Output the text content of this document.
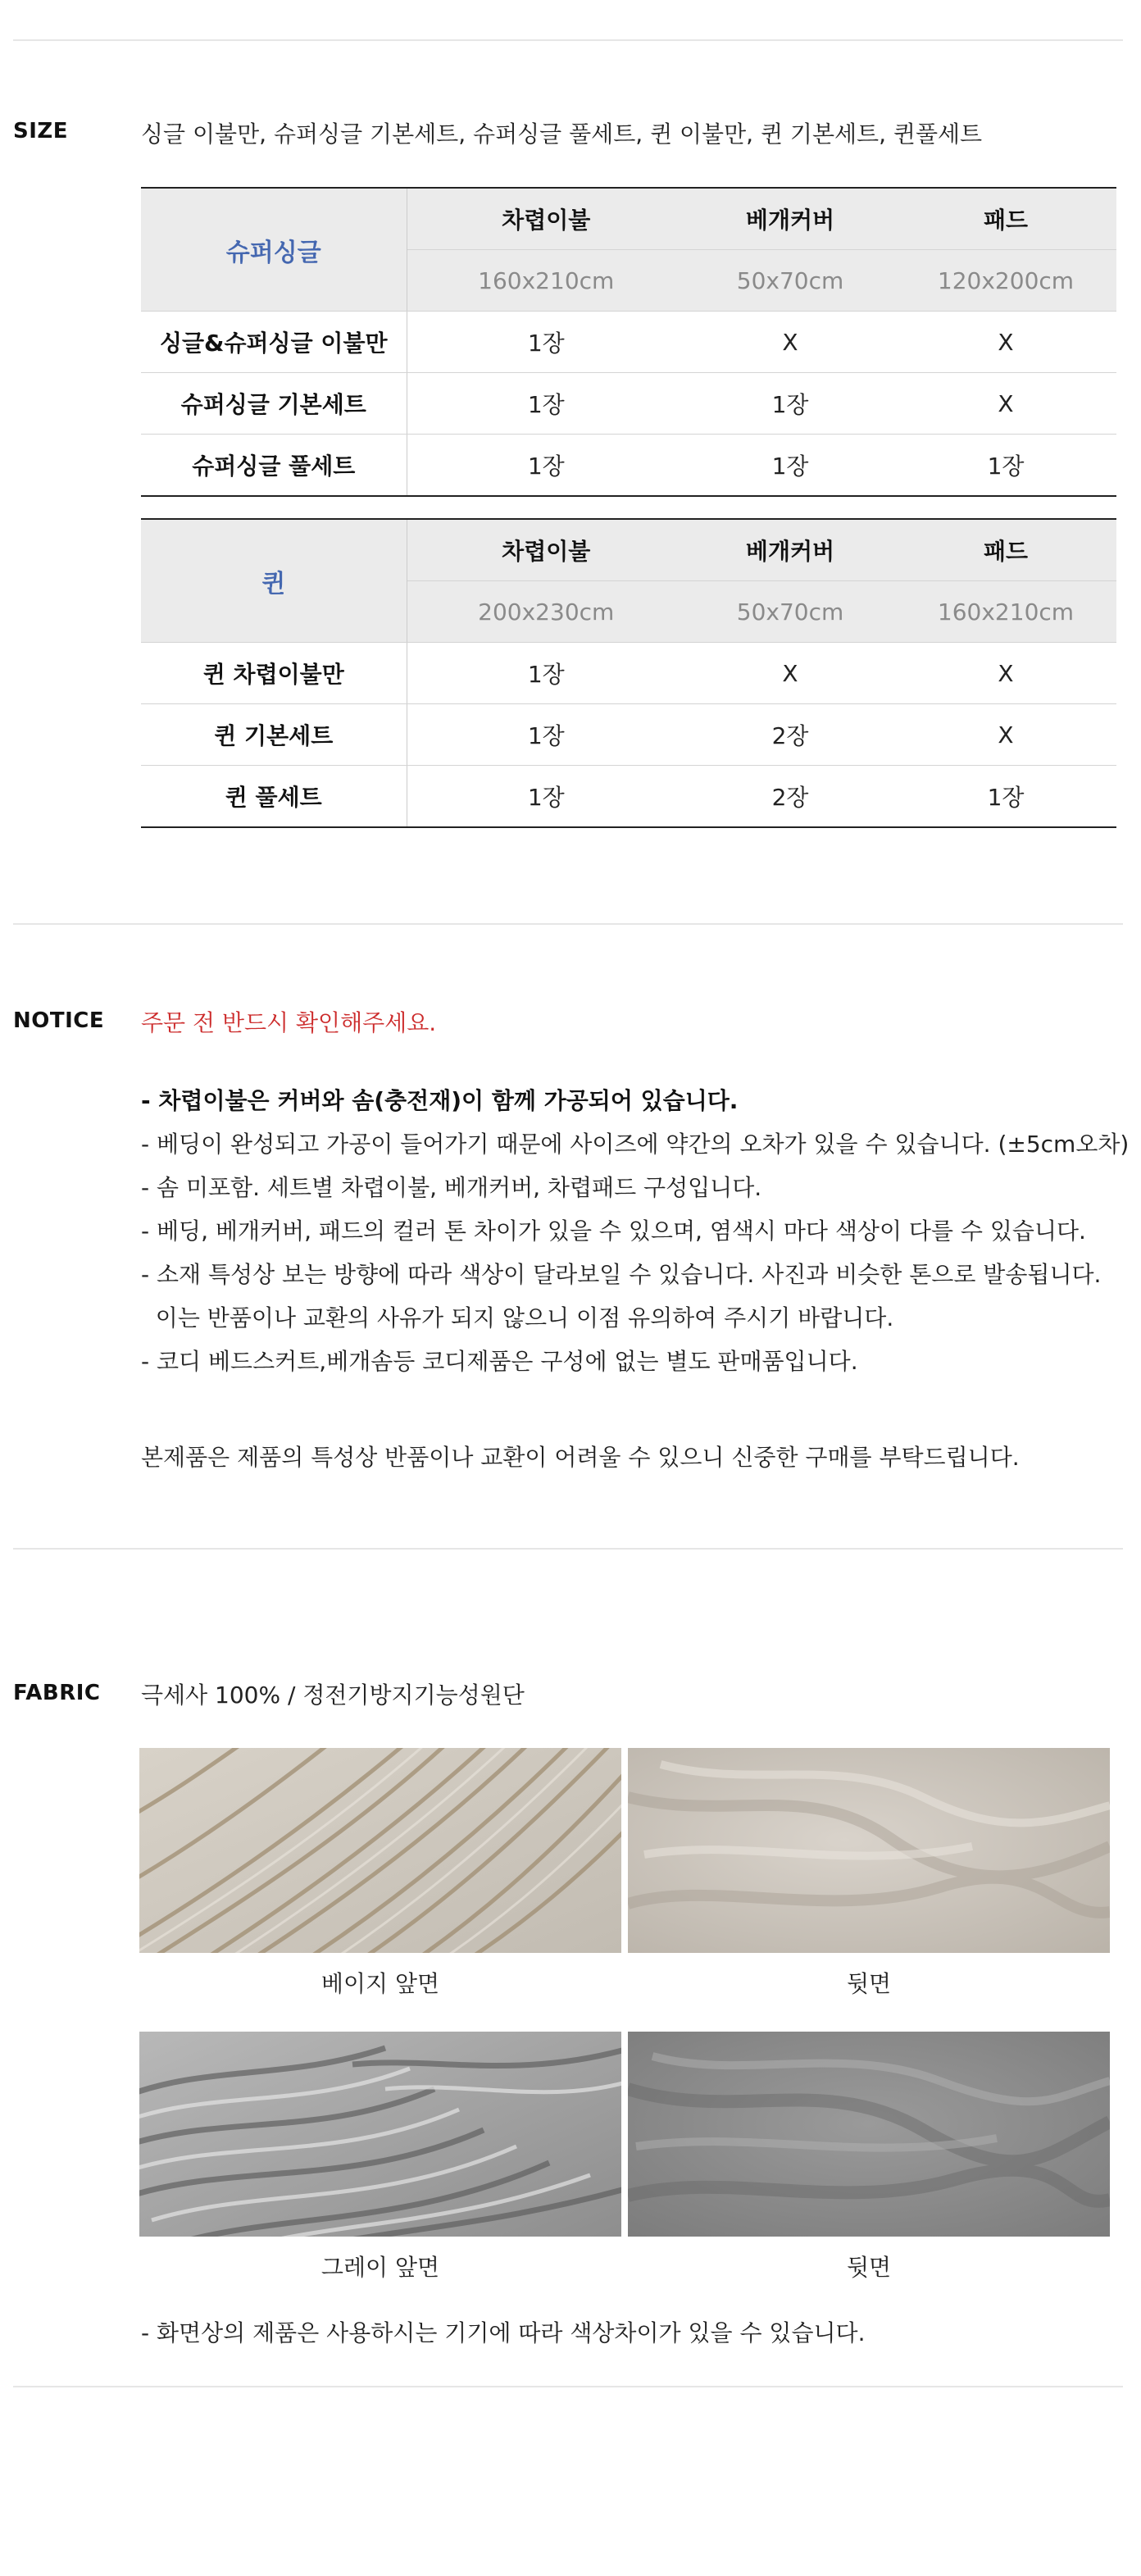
SIZE	싱글 이불만, 슈퍼싱글 기본세트, 슈퍼싱글 풀세트, 퀸 이불만, 퀸 기본세트, 퀸풀세트
슈퍼싱글	차렵이불	베개커버	패드
	160x210cm	50x70cm	120x200cm
싱글&슈퍼싱글 이불만	1장	X	X
슈퍼싱글 기본세트	1장	1장	X
슈퍼싱글 풀세트	1장	1장	1장
퀸	차렵이불	베개커버	패드
	200x230cm	50x70cm	160x210cm
퀸 차렵이불만	1장	X	X
퀸 기본세트	1장	2장	X
퀸 풀세트	1장	2장	1장
NOTICE 주문 전 반드시 확인해주세요.
- 차렵이불은 커버와 솜(충전재)이 함께 가공되어 있습니다.
- 베딩이 완성되고 가공이 들어가기 때문에 사이즈에 약간의 오차가 있을 수 있습니다. (±5cm오차)
- 솜 미포함. 세트별 차렵이불, 베개커버, 차렵패드 구성입니다.
- 베딩, 베개커버, 패드의 컬러 톤 차이가 있을 수 있으며, 염색시 마다 색상이 다를 수 있습니다.
- 소재 특성상 보는 방향에 따라 색상이 달라보일 수 있습니다. 사진과 비슷한 톤으로 발송됩니다.
이는 반품이나 교환의 사유가 되지 않으니 이점 유의하여 주시기 바랍니다.
- 코디 베드스커트,베개솜등 코디제품은 구성에 없는 별도 판매품입니다.
본제품은 제품의 특성상 반품이나 교환이 어려울 수 있으니 신중한 구매를 부탁드립니다.
FABRIC 극세사 100% / 정전기방지기능성원단
베이지 앞면	뒷면
그레이 앞면	뒷면
- 화면상의 제품은 사용하시는 기기에 따라 색상차이가 있을 수 있습니다.
